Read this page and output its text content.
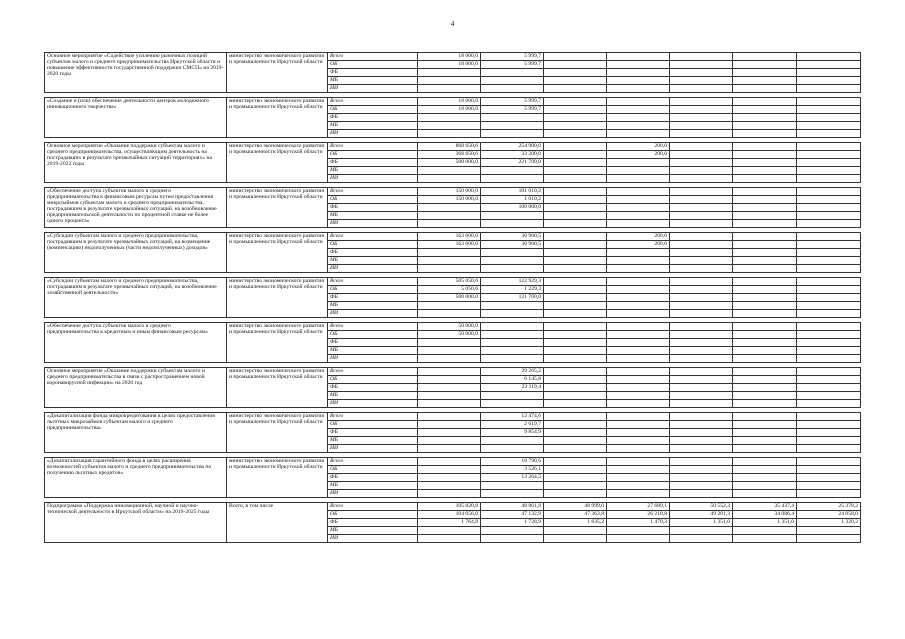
4
Основное мероприятие «Содействие усилению рыночных позиций субъектов малого и среднего предпринимательства Иркутской области и повышение эффективности государственной поддержки СМСП» на 2019-2020 годы	министерство экономического развития и промышленности Иркутской области	Всего	18 000,0	5 999,7					
		ОБ	18 000,0	5 999,7					
		ФБ							
		МБ							
		ИИ							

«Создание и (или) обеспечение деятельности центров молодежного инновационного творчества»	министерство экономического развития и промышленности Иркутской области	Всего	18 000,0	5 999,7					
		ОБ	18 000,0	5 999,7					
		ФБ							
		МБ							
		ИИ							

Основное мероприятие «Оказание поддержки субъектам малого и среднего предпринимательства, осуществляющим деятельность на пострадавших в результате чрезвычайных ситуаций территориях» на 2019-2022 годы	министерство экономического развития и промышленности Иркутской области	Всего	868 650,6	254 900,0		200,0			
		ОБ	368 650,6	33 200,0		200,0			
		ФБ	500 000,0	221 700,0					
		МБ							
		ИИ							

«Обеспечение доступа субъектов малого и среднего предпринимательства к финансовым ресурсам путем предоставления микрозаймов субъектам малого и среднего предпринимательства, пострадавшим в результате чрезвычайных ситуаций, на возобновление предпринимательской деятельности по процентной ставке не более одного процента»	министерство экономического развития и промышленности Иркутской области	Всего	150 000,0	101 010,2					
		ОБ	150 000,0	1 010,2					
		ФБ		100 000,0					
		МБ							
		ИИ							

«Субсидии субъектам малого и среднего предпринимательства, пострадавшим в результате чрезвычайных ситуаций, на возмещение (компенсацию) недополученных (части недополученных) доходов»	министерство экономического развития и промышленности Иркутской области	Всего	163 600,0	30 960,5		200,0			
		ОБ	163 600,0	30 960,5		200,0			
		ФБ							
		МБ							
		ИИ							

«Субсидии субъектам малого и среднего предпринимательства, пострадавшим в результате чрезвычайных ситуаций, на возобновление хозяйственной деятельности»	министерство экономического развития и промышленности Иркутской области	Всего	505 050,6	122 929,3					
		ОБ	5 050,6	1 229,3					
		ФБ	500 000,0	121 700,0					
		МБ							
		ИИ							

«Обеспечение доступа субъектов малого и среднего предпринимательства к кредитным и иным финансовым ресурсам»	министерство экономического развития и промышленности Иркутской области	Всего	50 000,0						
		ОБ	50 000,0						
		ФБ							
		МБ							
		ИИ							

Основное мероприятие «Оказание поддержки субъектам малого и среднего предпринимательства в связи с распространением новой коронавирусной инфекции» на 2020 год	министерство экономического развития и промышленности Иркутской области	Всего		29 265,2					
		ОБ		6 145,8					
		ФБ		23 119,4					
		МБ							
		ИИ							

«Докапитализация фонда микрокредитования в целях предоставления льготных микрозаймов субъектам малого и среднего предпринимательства»	министерство экономического развития и промышленности Иркутской области	Всего		12 474,6					
		ОБ		2 619,7					
		ФБ		9 854,9					
		МБ							
		ИИ							

«Докапитализация гарантийного фонда в целях расширения возможностей субъектов малого и среднего предпринимательства по получению льготных кредитов»	министерство экономического развития и промышленности Иркутской области	Всего		16 790,6					
		ОБ		3 526,1					
		ФБ		13 264,5					
		МБ							
		ИИ							

Подпрограмма «Поддержка инновационной, научной и научно-технической деятельности в Иркутской области» на 2019-2025 годы	Всего, в том числе	Всего	105 820,8	48 861,8	48 999,0	27 689,1	50 552,3	35 437,4	25 378,2
		ОБ	104 056,0	47 132,9	47 363,8	26 218,8	49 201,3	34 086,4	24 058,0
		ФБ	1 764,8	1 728,9	1 635,2	1 470,3	1 351,0	1 351,0	1 320,2
		МБ							
		ИИ							
